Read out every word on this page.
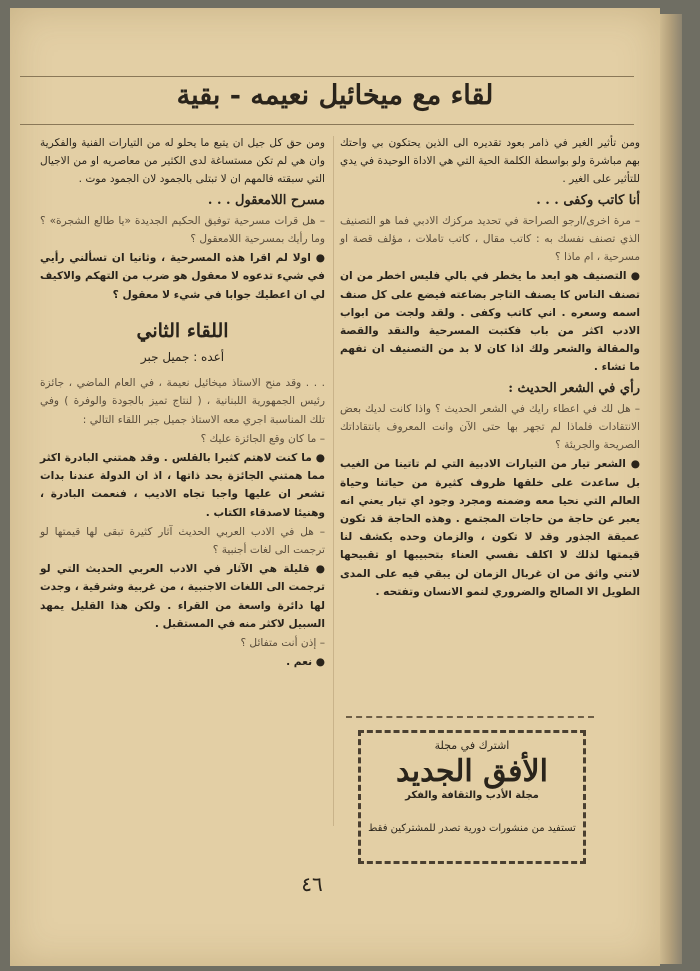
لقاء مع ميخائيل نعيمه - بقية

ومن تأثير الغير في ذامر بعود تقديره الى الذين يحتكون بي واحتك بهم مباشرة ولو بواسطة الكلمة الحية التي هي الاداة الوحيدة في يدي للتأثير على الغير .

أنا كاتب وكفى . . .

– مرة اخرى/ارجو الصراحة في تحديد مركزك الادبي فما هو التصنيف الذي تصنف نفسك به : كاتب مقال ، كاتب تاملات ، مؤلف قصة او مسرحية ، ام ماذا ؟

● التصنيف هو ابعد ما يخطر في بالي فليس اخطر من ان تصنف الناس كا يصنف التاجر بضاعته فيضع على كل صنف اسمه وسعره . اني كاتب وكفى . ولقد ولجت من ابواب الادب اكثر من باب فكتبت المسرحية والنقد والقصة والمقالة والشعر ولك اذا كان لا بد من التصنيف ان تفهم ما تشاء .

رأي في الشعر الحديث :

– هل لك في اعطاء رايك في الشعر الحديث ؟ واذا كانت لديك بعض الانتقادات فلماذا لم تجهر بها حتى الآن وانت المعروف بانتقاداتك الصريحة والجريئة ؟

● الشعر تيار من التيارات الادبية التي لم تاتينا من الغيب بل ساعدت على خلقها ظروف كثيرة من حياتنا وحياة العالم التي نحيا معه وضمنه ومجرد وجود اي تيار يعني انه يعبر عن حاجة من حاجات المجتمع . وهذه الحاجة قد تكون عميقة الجذور وقد لا تكون ، والزمان وحده يكشف لنا قيمتها لذلك لا اكلف نفسي العناء بتحبيبها او تقبيحها لانني واثق من ان غربال الزمان لن يبقي فيه على المدى الطويل الا الصالح والضروري لنمو الانسان وتفتحه .

ومن حق كل جيل ان يتبع ما يحلو له من التيارات الفنية والفكرية وان هي لم تكن مستساغة لدى الكثير من معاصريه او من الاجيال التي سبقته فالمهم ان لا تبتلى بالجمود لان الجمود موت .

مسرح اللامعقول . . .

– هل قرات مسرحية توفيق الحكيم الجديدة «يا طالع الشجرة» ؟ وما رأيك بمسرحية اللامعقول ؟

● اولا لم اقرا هذه المسرحية ، وثانيا ان تسألني رأيي في شيء تدعوه لا معقول هو ضرب من التهكم والاكيف لي ان اعطيك جوابا في شيء لا معقول ؟

اللقاء الثاني
أعده : جميل جبر

. . . وقد منح الاستاذ ميخائيل نعيمة ، في العام الماضي ، جائزة رئيس الجمهورية اللبنانية ، ( لنتاج تميز بالجودة والوفرة ) وفي تلك المناسبة اجري معه الاستاذ جميل جبر اللقاء التالي :

– ما كان وقع الجائزة عليك ؟

● ما كنت لاهتم كثيرا بالقلس . وقد همتني البادرة اكثر مما همتني الجائزة بحد ذاتها ، اذ ان الدولة عندنا بدات تشعر ان عليها واجبا تجاه الاديب ، فنعمت البادرة ، وهنيئا لاصدقاء الكتاب .

– هل في الادب العربي الحديث آثار كثيرة تبقى لها قيمتها لو ترجمت الى لغات أجنبية ؟

● قليلة هي الآثار في الادب العربي الحديث التي لو ترجمت الى اللغات الاجنبية ، من غربية وشرقية ، وجدت لها دائرة واسعة من القراء . ولكن هذا القليل يمهد السبيل لاكثر منه في المستقبل .

– إذن أنت متفائل ؟

● نعم .

اشترك في مجلة
الأفق الجديد
مجلة الأدب والثقافة والفكر
تستفيد من منشورات دورية تصدر للمشتركين فقط
٤٦
